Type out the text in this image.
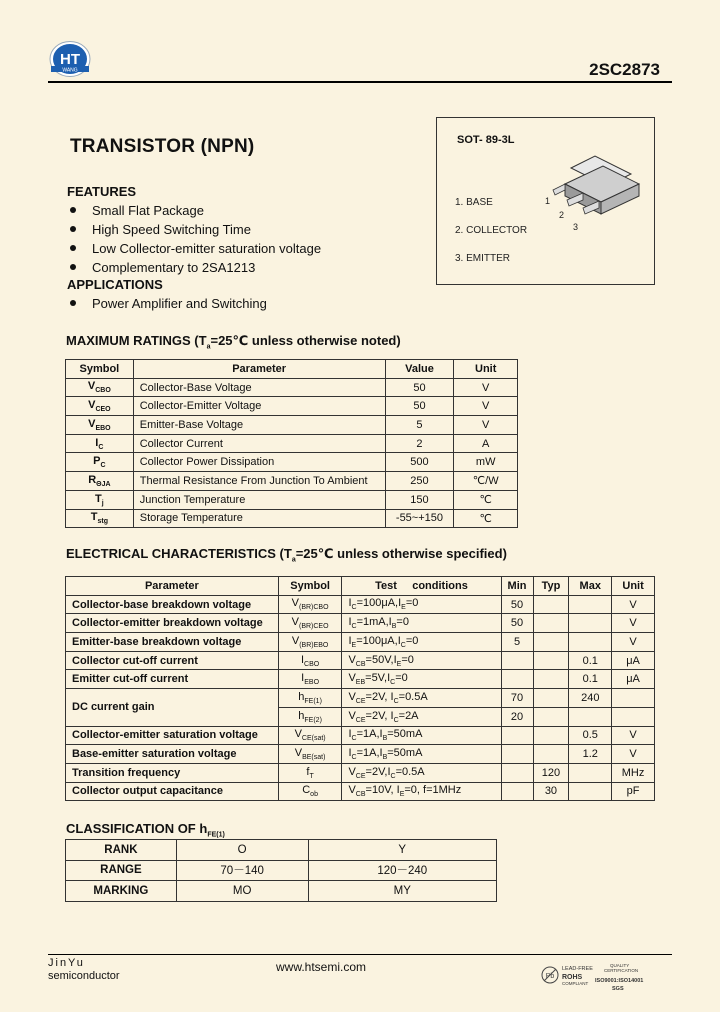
HT
WANG	2SC2873
TRANSISTOR (NPN)
FEATURES
Small Flat Package
High Speed Switching Time
Low Collector-emitter saturation voltage
Complementary to 2SA1213
APPLICATIONS
Power Amplifier and Switching
SOT- 89-3L
1. BASE
2. COLLECTOR
3. EMITTER
1
2
3
MAXIMUM RATINGS ($T_a=25℃$ unless otherwise noted)
Symbol	Parameter	Value	Unit
$V_{CBO}$	Collector-Base Voltage	50	V
$V_{CEO}$	Collector-Emitter Voltage	50	V
$V_{EBO}$	Emitter-Base Voltage	5	V
$I_C$	Collector Current	2	A
$P_C$	Collector Power Dissipation	500	mW
$R_{\Theta JA}$	Thermal Resistance From Junction To Ambient	250	℃/W
$T_j$	Junction Temperature	150	℃
$T_{stg}$	Storage Temperature	-55~+150	℃
ELECTRICAL CHARACTERISTICS ($T_a=25℃$ unless otherwise specified)
Parameter	Symbol	Test     conditions	Min	Typ	Max	Unit
Collector-base breakdown voltage	$V_{(BR)CBO}$	$I_C=100\mu A,I_E=0$	50			V
Collector-emitter breakdown voltage	$V_{(BR)CEO}$	$I_C=1mA,I_B=0$	50			V
Emitter-base breakdown voltage	$V_{(BR)EBO}$	$I_E=100\mu A,I_C=0$	5			V
Collector cut-off current	$I_{CBO}$	$V_{CB}=50V,I_E=0$			0.1	μA
Emitter cut-off current	$I_{EBO}$	$V_{EB}=5V,I_C=0$			0.1	μA
DC current gain	$h_{FE(1)}$	$V_{CE}=2V$, $I_C=0.5A$	70		240	
	$h_{FE(2)}$	$V_{CE}=2V$, $I_C=2A$	20			
Collector-emitter saturation voltage	$V_{CE(sat)}$	$I_C=1A,I_B=50mA$			0.5	V
Base-emitter saturation voltage	$V_{BE(sat)}$	$I_C=1A,I_B=50mA$			1.2	V
Transition frequency	$f_T$	$V_{CE}=2V,I_C=0.5A$		120		MHz
Collector output capacitance	$C_{ob}$	$V_{CB}=10V$, $I_E=0$, f=1MHz		30		pF
CLASSIFICATION OF $h_{FE(1)}$
RANK	O	Y
RANGE	70－140	120－240
MARKING	MO	MY
JinYu
semiconductor
www.htsemi.com
Pb
LEAD-FREE
ROHS
COMPLIANT
QUALITY
CERTIFICATION
ISO9001:ISO14001
SGS
